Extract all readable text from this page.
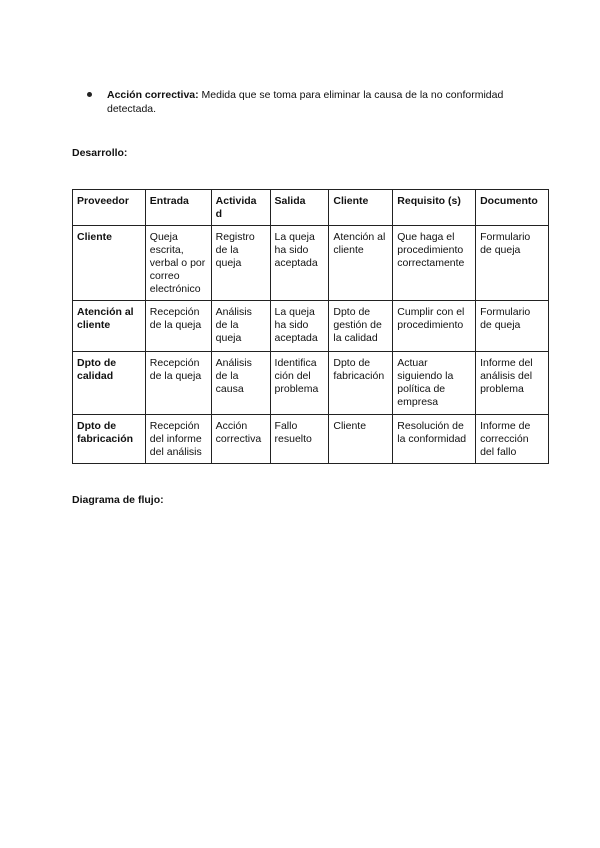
Acción correctiva: Medida que se toma para eliminar la causa de la no conformidad detectada.
Desarrollo:
Proveedor	Entrada	Activida d	Salida	Cliente	Requisito (s)	Documento
Cliente	Queja escrita, verbal o por correo electrónico	Registro de la queja	La queja ha sido aceptada	Atención al cliente	Que haga el procedimiento correctamente	Formulario de queja
Atención al cliente	Recepción de la queja	Análisis de la queja	La queja ha sido aceptada	Dpto de gestión de la calidad	Cumplir con el procedimiento	Formulario de queja
Dpto de calidad	Recepción de la queja	Análisis de la causa	Identifica ción del problema	Dpto de fabricación	Actuar siguiendo la política de empresa	Informe del análisis del problema
Dpto de fabricación	Recepción del informe del análisis	Acción correctiva	Fallo resuelto	Cliente	Resolución de la conformidad	Informe de corrección del fallo
Diagrama de flujo:
